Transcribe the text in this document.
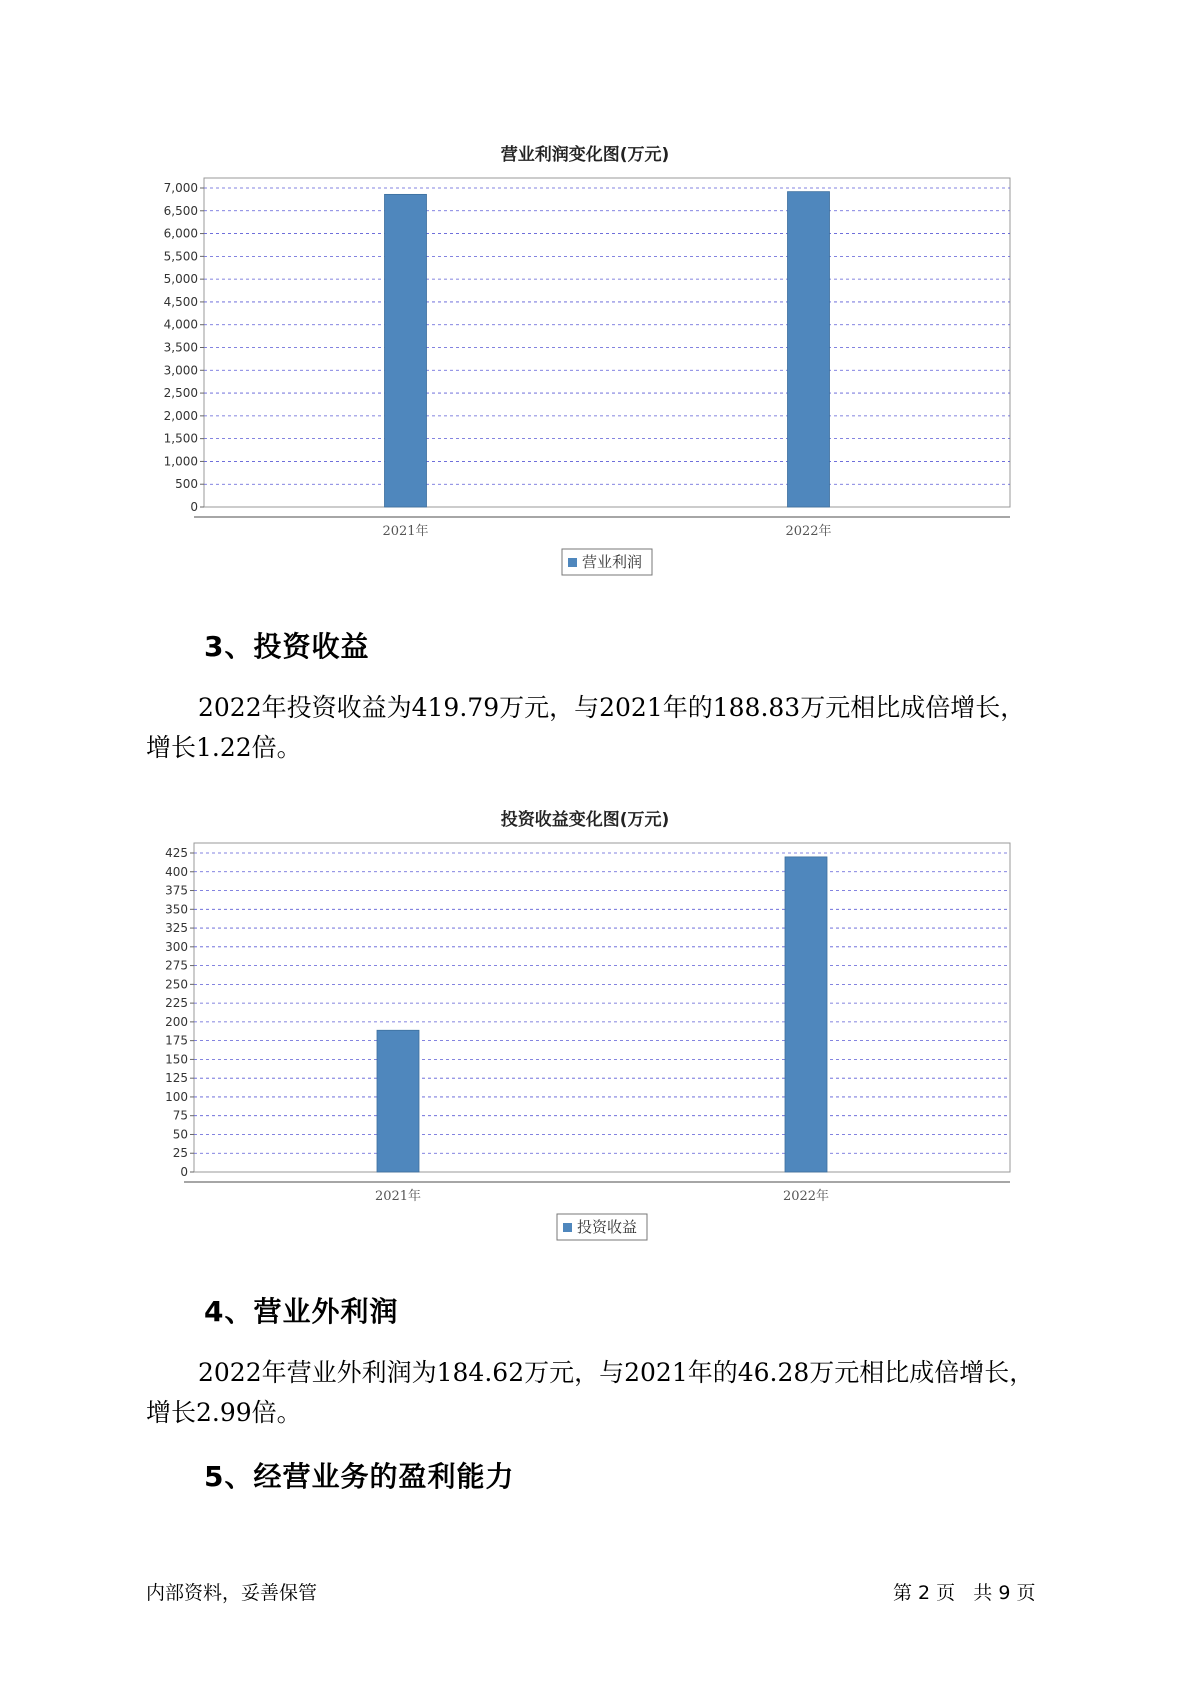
营业利润变化图(万元)
0
500
1,000
1,500
2,000
2,500
3,000
3,500
4,000
4,500
5,000
5,500
6,000
6,500
7,000
2021年	2022年
营业利润
3、投资收益
2022年投资收益为419.79万元，与2021年的188.83万元相比成倍增长，
增长1.22倍。
投资收益变化图(万元)
0
25
50
75
100
125
150
175
200
225
250
275
300
325
350
375
400
425
2021年	2022年
投资收益
4、营业外利润
2022年营业外利润为184.62万元，与2021年的46.28万元相比成倍增长，
增长2.99倍。
5、经营业务的盈利能力
内部资料，妥善保管	第 2 页   共 9 页
